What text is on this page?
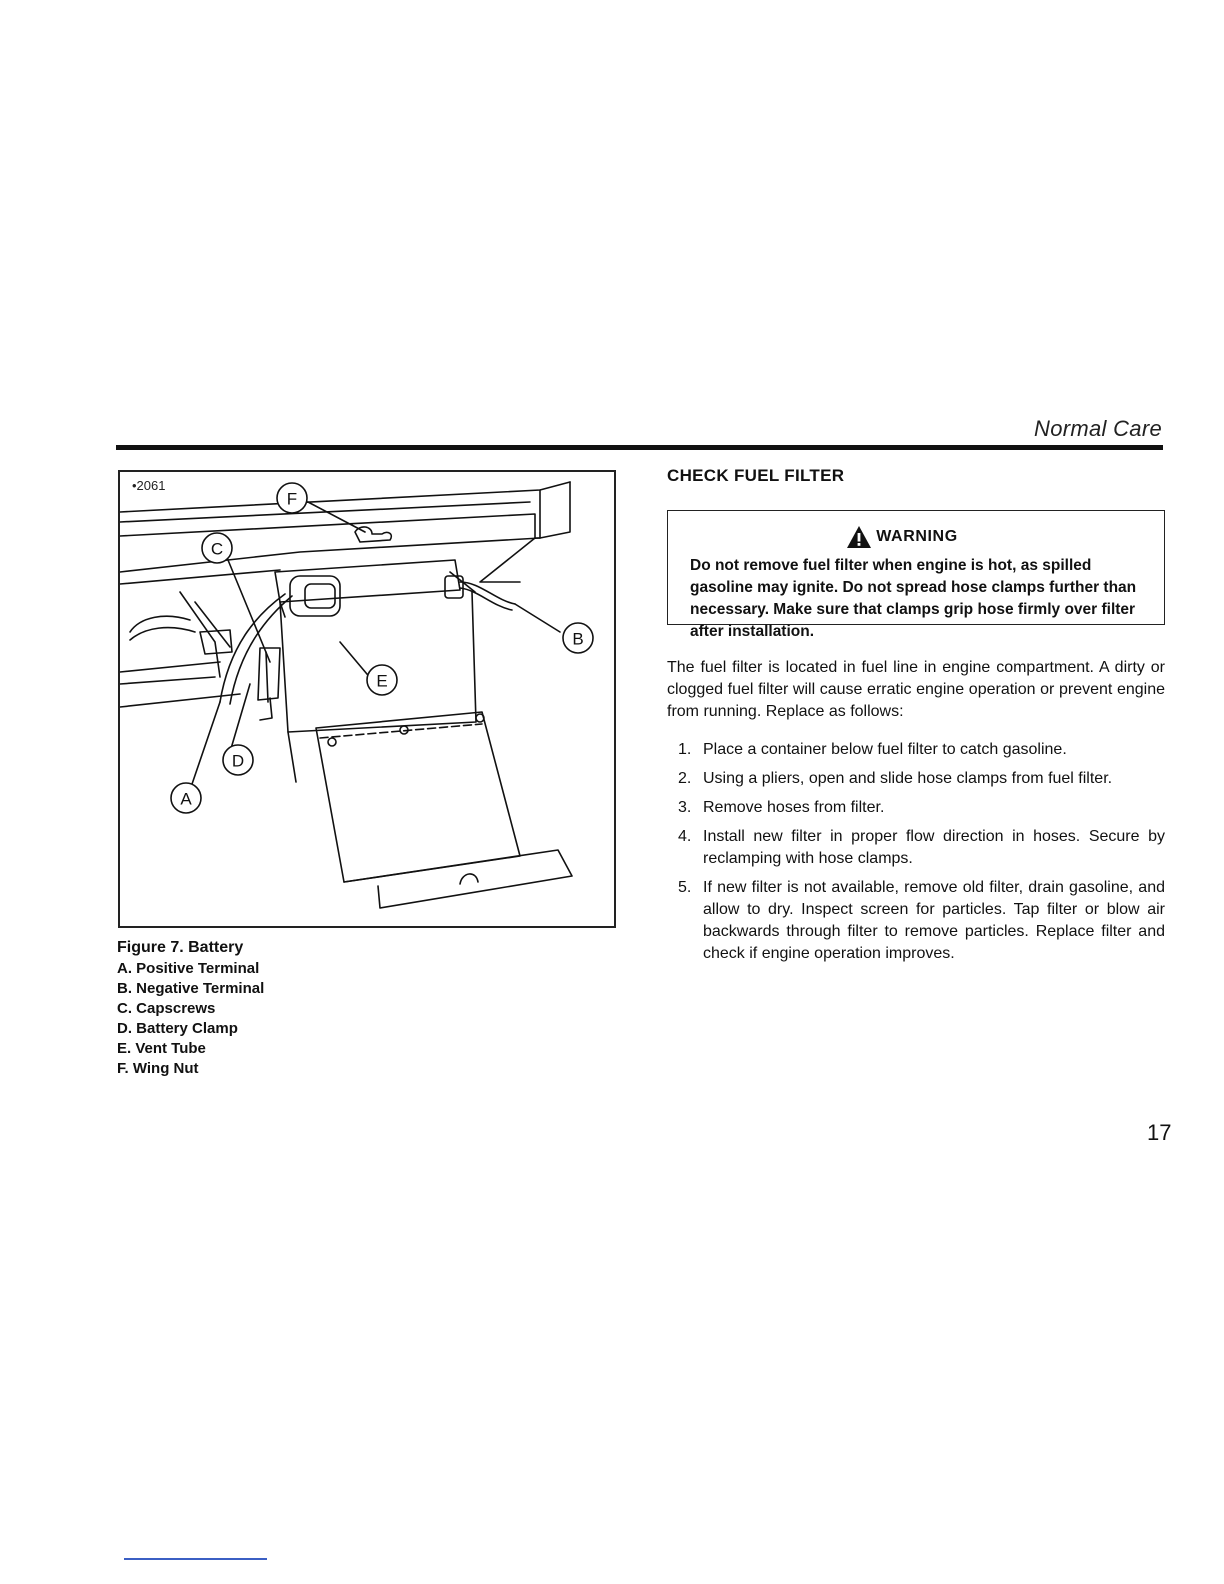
Normal Care
F
C
B
E
D
A
•2061
Figure 7. Battery
A. Positive Terminal
B. Negative Terminal
C. Capscrews
D. Battery Clamp
E. Vent Tube
F. Wing Nut
CHECK FUEL FILTER
WARNING
Do not remove fuel filter when engine is hot, as spilled gasoline may ignite. Do not spread hose clamps further than necessary. Make sure that clamps grip hose firmly over filter after installation.

The fuel filter is located in fuel line in engine compartment. A dirty or clogged fuel filter will cause erratic engine operation or prevent engine from running. Replace as follows:

1. Place a container below fuel filter to catch gasoline.
2. Using a pliers, open and slide hose clamps from fuel filter.
3. Remove hoses from filter.
4. Install new filter in proper flow direction in hoses. Secure by reclamping with hose clamps.
5. If new filter is not available, remove old filter, drain gasoline, and allow to dry. Inspect screen for particles. Tap filter or blow air backwards through filter to remove particles. Replace filter and check if engine operation improves.
17
